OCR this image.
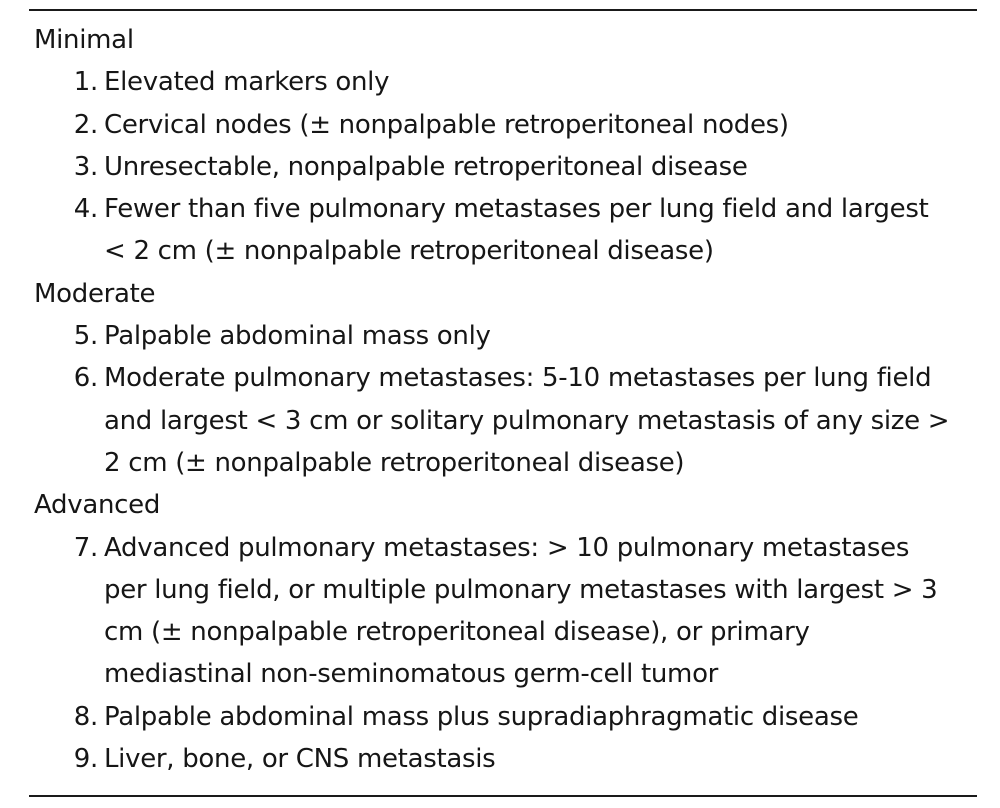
Minimal
1. Elevated markers only
2. Cervical nodes (± nonpalpable retroperitoneal nodes)
3. Unresectable, nonpalpable retroperitoneal disease
4. Fewer than five pulmonary metastases per lung field and largest < 2 cm (± nonpalpable retroperitoneal disease)
Moderate
5. Palpable abdominal mass only
6. Moderate pulmonary metastases: 5-10 metastases per lung field and largest < 3 cm or solitary pulmonary metastasis of any size > 2 cm (± nonpalpable retroperitoneal disease)
Advanced
7. Advanced pulmonary metastases: > 10 pulmonary metastases per lung field, or multiple pulmonary metastases with largest > 3 cm (± nonpalpable retroperitoneal disease), or primary mediastinal non-seminomatous germ-cell tumor
8. Palpable abdominal mass plus supradiaphragmatic disease
9. Liver, bone, or CNS metastasis
